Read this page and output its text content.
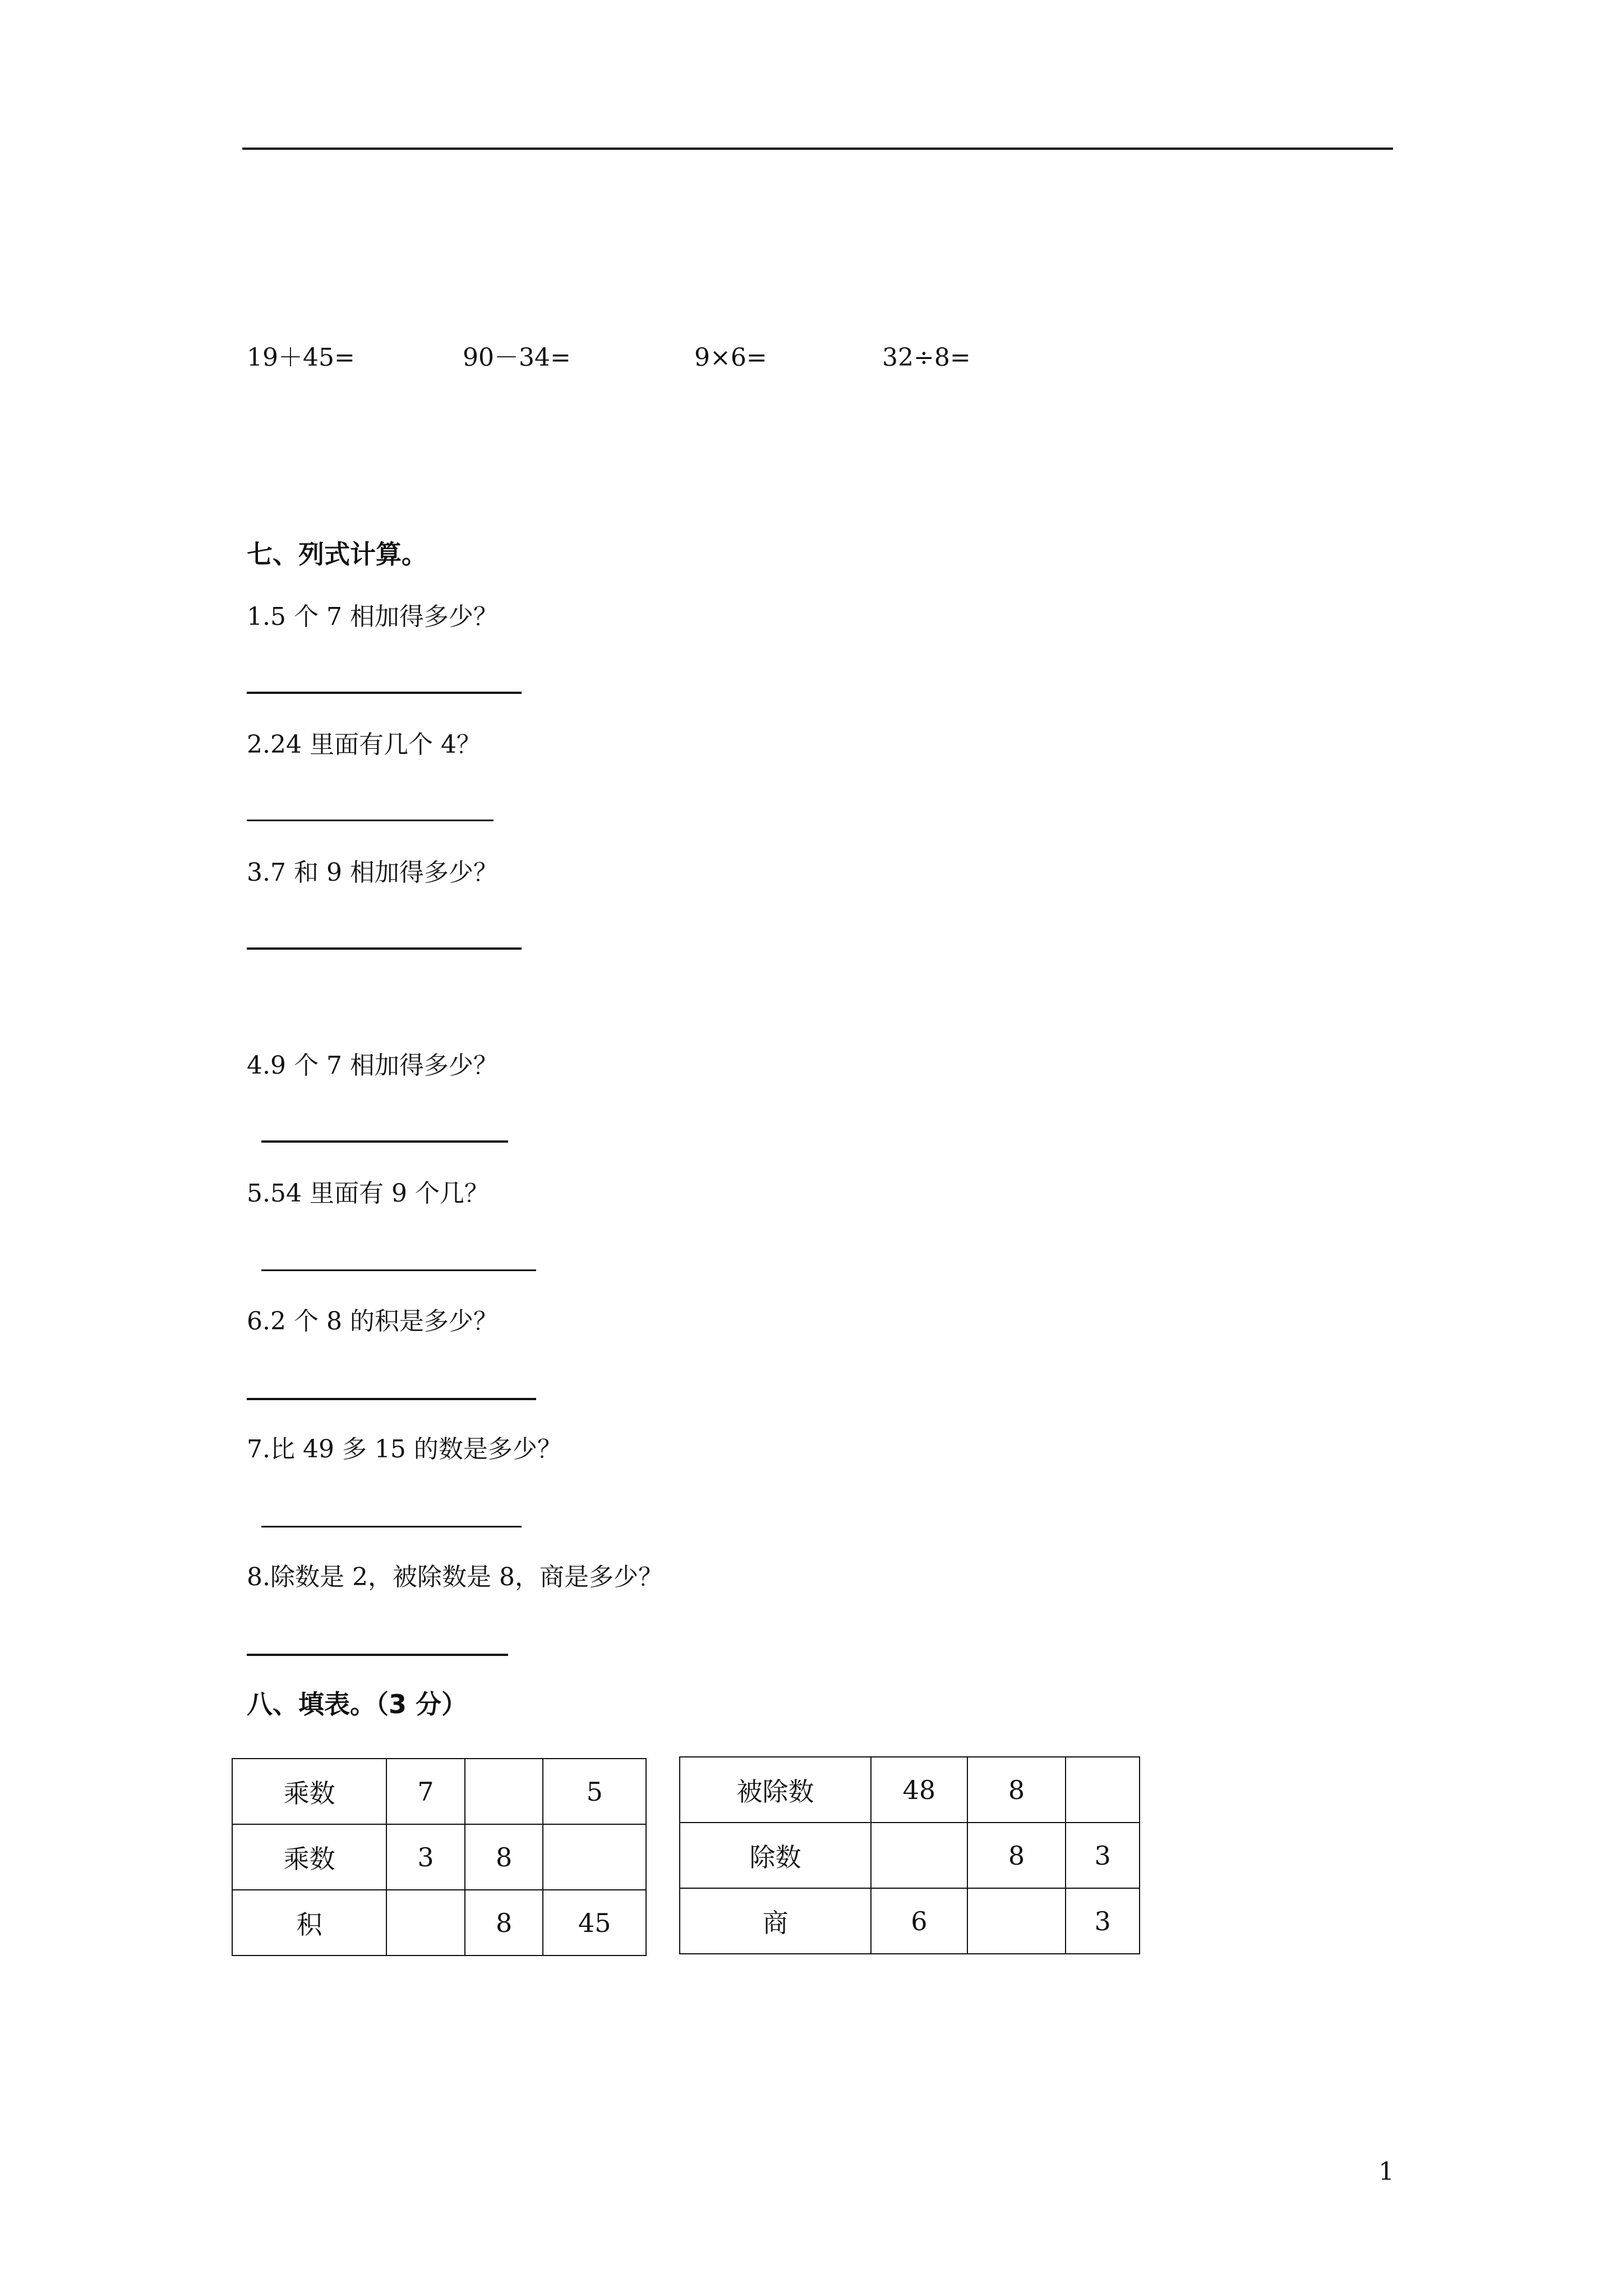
19＋45=	90－34=	9×6=	32÷8=
七、列式计算。
1.5 个 7 相加得多少？
2.24 里面有几个 4？
3.7 和 9 相加得多少？
4.9 个 7 相加得多少？
5.54 里面有 9 个几？
6.2 个 8 的积是多少？
7.比 49 多 15 的数是多少？
8.除数是 2，被除数是 8，商是多少？
八、填表。（3 分）
乘数	7		5
乘数	3	8	
积		8	45
被除数	48	8	
除数		8	3
商	6		3
1
